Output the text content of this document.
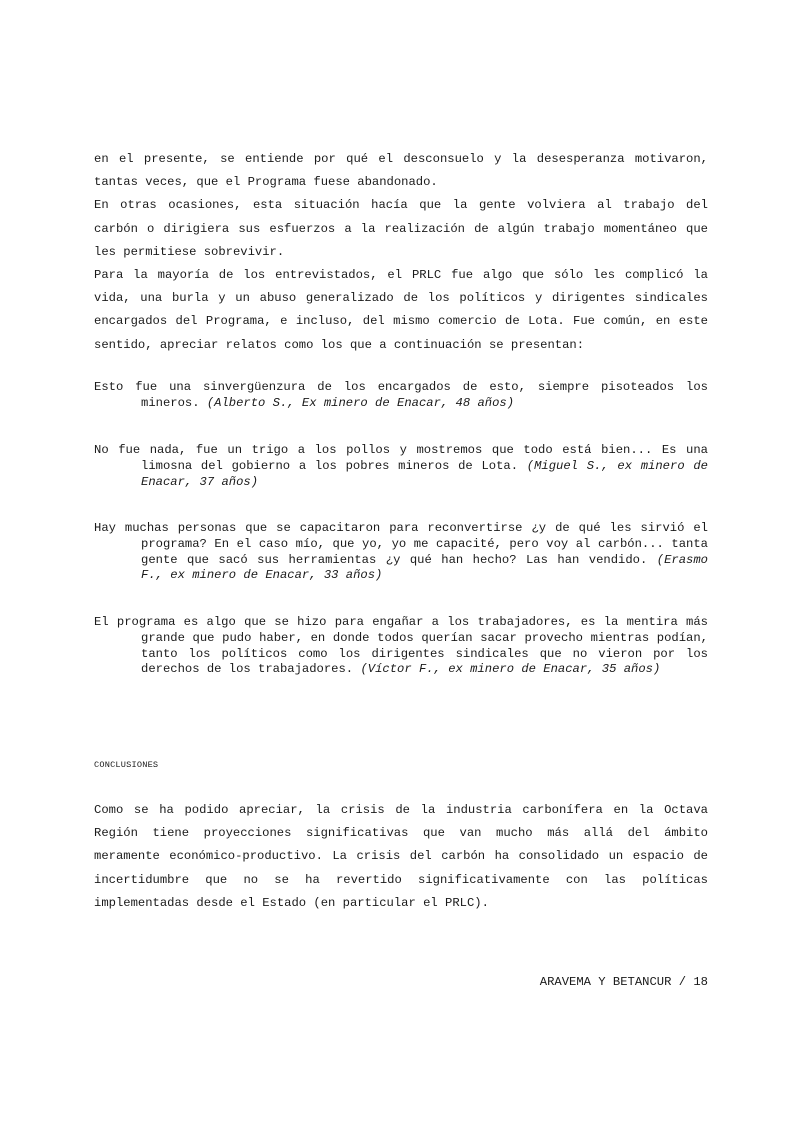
en el presente, se entiende por qué el desconsuelo y la desesperanza motivaron, tantas veces, que el Programa fuese abandonado.

En otras ocasiones, esta situación hacía que la gente volviera al trabajo del carbón o dirigiera sus esfuerzos a la realización de algún trabajo momentáneo que les permitiese sobrevivir.

Para la mayoría de los entrevistados, el PRLC fue algo que sólo les complicó la vida, una burla y un abuso generalizado de los políticos y dirigentes sindicales encargados del Programa, e incluso, del mismo comercio de Lota. Fue común, en este sentido, apreciar relatos como los que a continuación se presentan:

Esto fue una sinvergüenzura de los encargados de esto, siempre pisoteados los mineros. (Alberto S., Ex minero de Enacar, 48 años)

No fue nada, fue un trigo a los pollos y mostremos que todo está bien... Es una limosna del gobierno a los pobres mineros de Lota. (Miguel S., ex minero de Enacar, 37 años)

Hay muchas personas que se capacitaron para reconvertirse ¿y de qué les sirvió el programa? En el caso mío, que yo, yo me capacité, pero voy al carbón... tanta gente que sacó sus herramientas ¿y qué han hecho? Las han vendido. (Erasmo F., ex minero de Enacar, 33 años)

El programa es algo que se hizo para engañar a los trabajadores, es la mentira más grande que pudo haber, en donde todos querían sacar provecho mientras podían, tanto los políticos como los dirigentes sindicales que no vieron por los derechos de los trabajadores. (Víctor F., ex minero de Enacar, 35 años)

CONCLUSIONES

Como se ha podido apreciar, la crisis de la industria carbonífera en la Octava Región tiene proyecciones significativas que van mucho más allá del ámbito meramente económico-productivo. La crisis del carbón ha consolidado un espacio de incertidumbre que no se ha revertido significativamente con las políticas implementadas desde el Estado (en particular el PRLC).

ARAVEMA Y BETANCUR / 18
